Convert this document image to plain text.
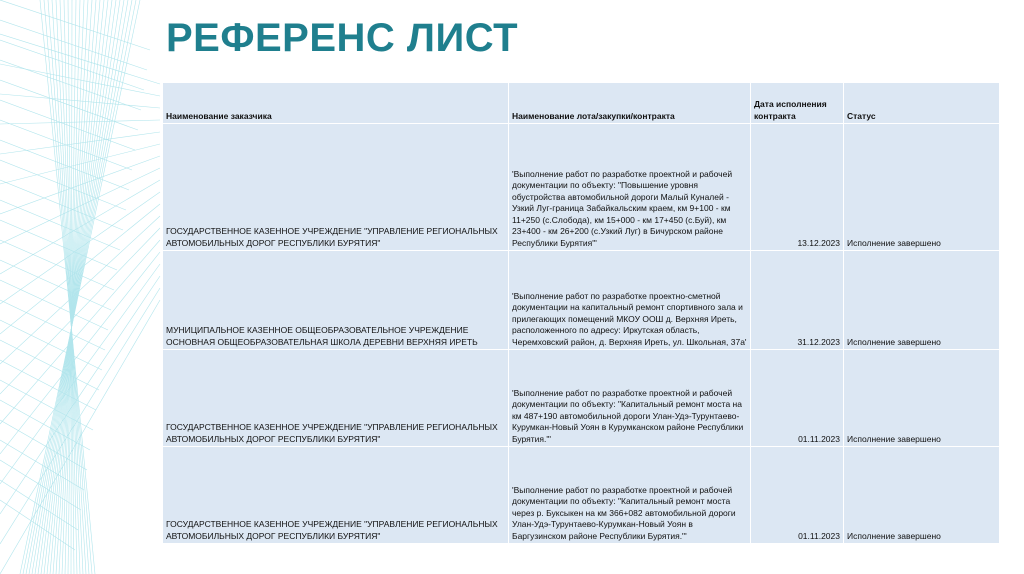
РЕФЕРЕНС ЛИСТ
Наименование заказчика	Наименование лота/закупки/контракта	Дата исполнения контракта	Статус
ГОСУДАРСТВЕННОЕ КАЗЕННОЕ УЧРЕЖДЕНИЕ "УПРАВЛЕНИЕ РЕГИОНАЛЬНЫХ АВТОМОБИЛЬНЫХ ДОРОГ РЕСПУБЛИКИ БУРЯТИЯ"	'Выполнение работ по разработке проектной и рабочей документации по объекту: "Повышение уровня обустройства автомобильной дороги Малый Куналей - Узкий Луг-граница Забайкальским краем, км 9+100 - км 11+250 (с.Слобода), км 15+000 - км 17+450 (с.Буй), км 23+400 - км 26+200 (с.Узкий Луг) в Бичурском районе Республики Бурятия"'	13.12.2023	Исполнение завершено
МУНИЦИПАЛЬНОЕ КАЗЕННОЕ ОБЩЕОБРАЗОВАТЕЛЬНОЕ УЧРЕЖДЕНИЕ ОСНОВНАЯ ОБЩЕОБРАЗОВАТЕЛЬНАЯ ШКОЛА ДЕРЕВНИ ВЕРХНЯЯ ИРЕТЬ	'Выполнение работ по разработке проектно-сметной документации на капитальный ремонт спортивного зала и прилегающих помещений МКОУ ООШ д. Верхняя Иреть, расположенного по адресу: Иркутская область, Черемховский район, д. Верхняя Иреть, ул. Школьная, 37а'	31.12.2023	Исполнение завершено
ГОСУДАРСТВЕННОЕ КАЗЕННОЕ УЧРЕЖДЕНИЕ "УПРАВЛЕНИЕ РЕГИОНАЛЬНЫХ АВТОМОБИЛЬНЫХ ДОРОГ РЕСПУБЛИКИ БУРЯТИЯ"	'Выполнение работ по разработке проектной и рабочей документации по объекту: "Капитальный ремонт моста на км 487+190 автомобильной дороги Улан-Удэ-Турунтаево-Курумкан-Новый Уоян в Курумканском районе Республики Бурятия."'	01.11.2023	Исполнение завершено
ГОСУДАРСТВЕННОЕ КАЗЕННОЕ УЧРЕЖДЕНИЕ "УПРАВЛЕНИЕ РЕГИОНАЛЬНЫХ АВТОМОБИЛЬНЫХ ДОРОГ РЕСПУБЛИКИ БУРЯТИЯ"	'Выполнение работ по разработке проектной и рабочей документации по объекту: "Капитальный ремонт моста через р. Буксыкен на км 366+082 автомобильной дороги Улан-Удэ-Турунтаево-Курумкан-Новый Уоян в Баргузинском районе Республики Бурятия."'	01.11.2023	Исполнение завершено
